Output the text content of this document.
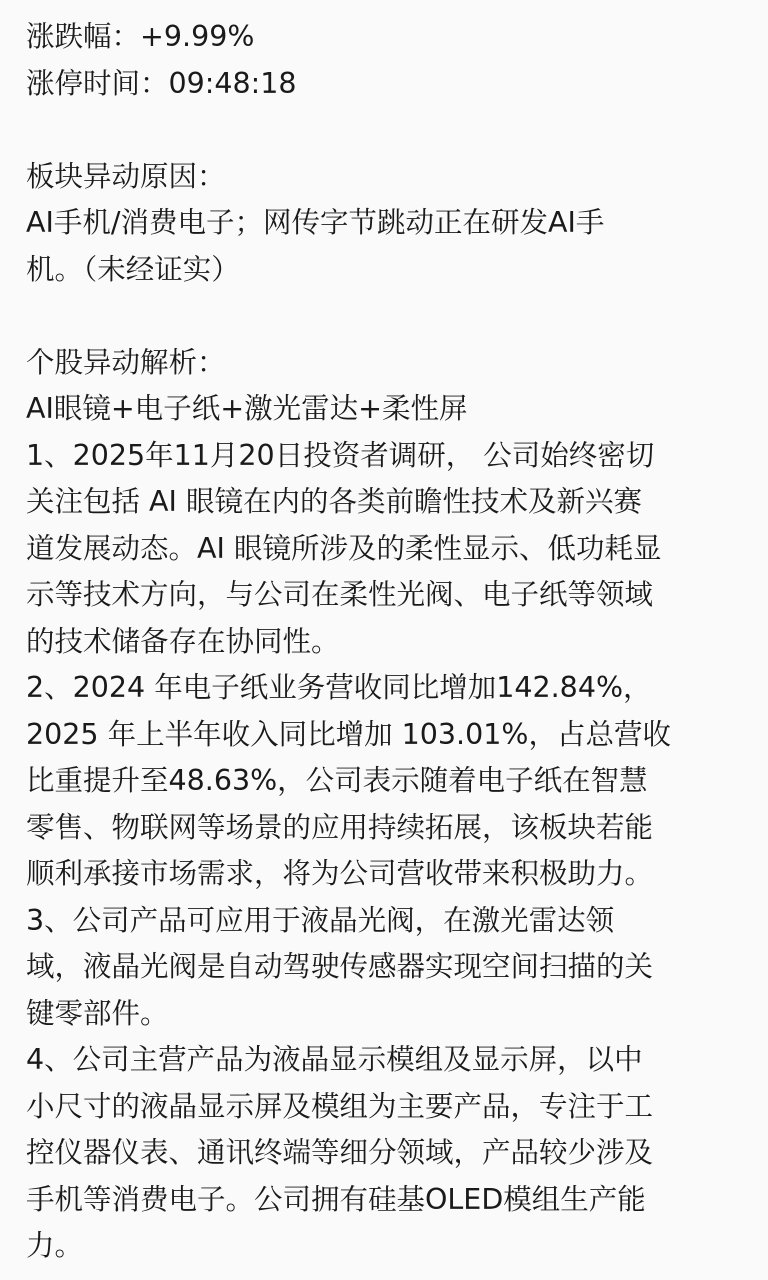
涨跌幅：+9.99%
涨停时间：09:48:18
板块异动原因：
AI手机/消费电子；网传字节跳动正在研发AI手
机。（未经证实）
个股异动解析：
AI眼镜+电子纸+激光雷达+柔性屏
1、2025年11月20日投资者调研， 公司始终密切
关注包括 AI 眼镜在内的各类前瞻性技术及新兴赛
道发展动态。AI 眼镜所涉及的柔性显示、低功耗显
示等技术方向，与公司在柔性光阀、电子纸等领域
的技术储备存在协同性。
2、2024 年电子纸业务营收同比增加142.84%，
2025 年上半年收入同比增加 103.01%，占总营收
比重提升至48.63%，公司表示随着电子纸在智慧
零售、物联网等场景的应用持续拓展，该板块若能
顺利承接市场需求，将为公司营收带来积极助力。
3、公司产品可应用于液晶光阀，在激光雷达领
域，液晶光阀是自动驾驶传感器实现空间扫描的关
键零部件。
4、公司主营产品为液晶显示模组及显示屏，以中
小尺寸的液晶显示屏及模组为主要产品，专注于工
控仪器仪表、通讯终端等细分领域，产品较少涉及
手机等消费电子。公司拥有硅基OLED模组生产能
力。
